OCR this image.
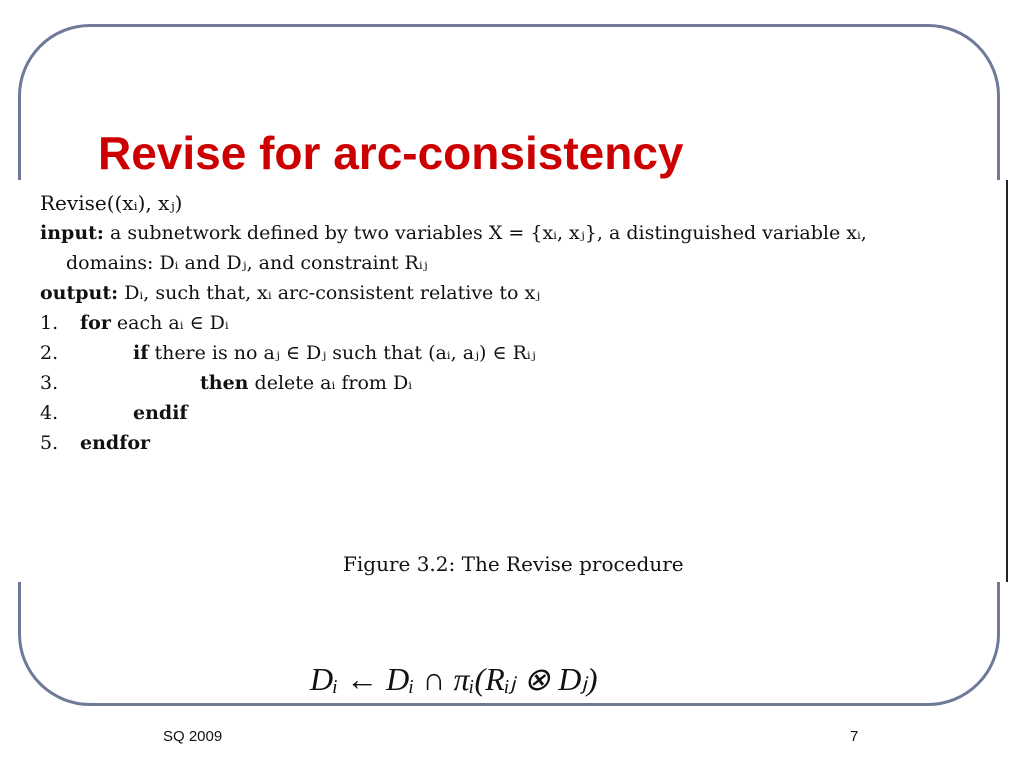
Revise for arc-consistency
Revise((xᵢ), xⱼ)
input: a subnetwork defined by two variables X = {xᵢ, xⱼ}, a distinguished variable xᵢ,
domains: Dᵢ and Dⱼ, and constraint Rᵢⱼ
output: Dᵢ, such that, xᵢ arc-consistent relative to xⱼ
1. for each aᵢ ∈ Dᵢ
2.	if there is no aⱼ ∈ Dⱼ such that (aᵢ, aⱼ) ∈ Rᵢⱼ
3.	then delete aᵢ from Dᵢ
4.	endif
5. endfor
Figure 3.2: The Revise procedure
Dᵢ ← Dᵢ ∩ πᵢ(Rᵢⱼ ⊗ Dⱼ)
SQ 2009	7
